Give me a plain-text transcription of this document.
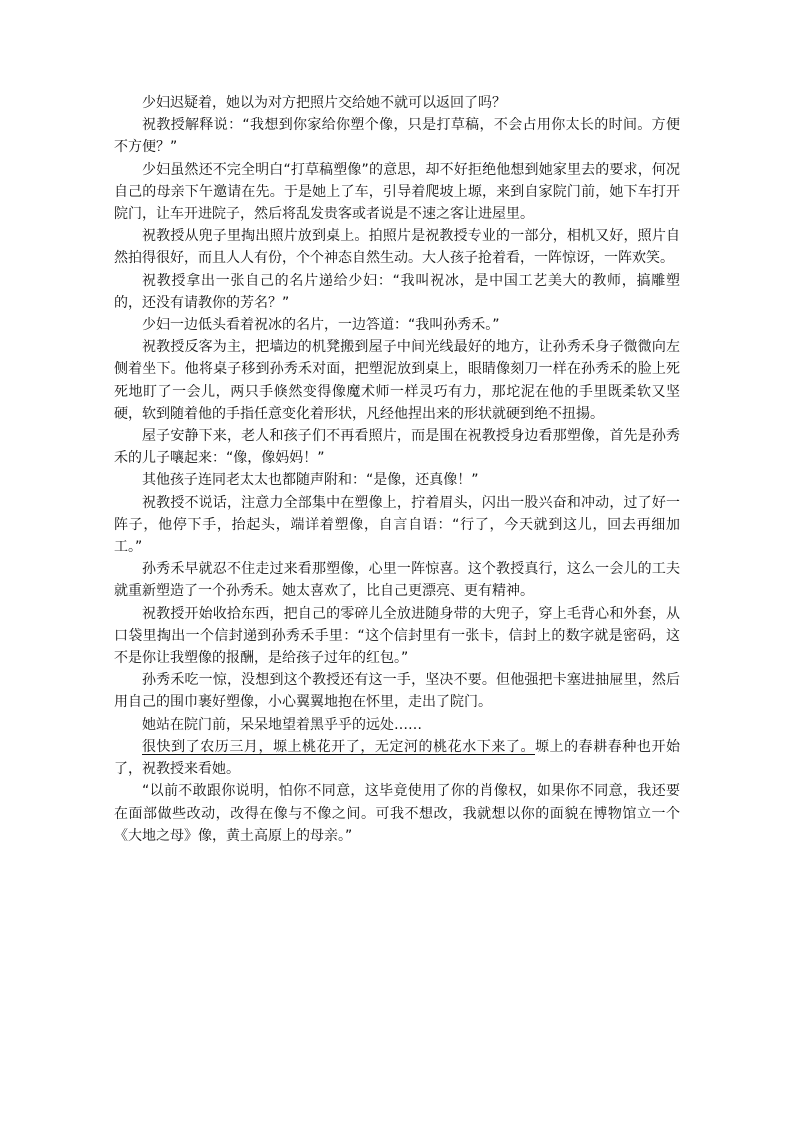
少妇迟疑着，她以为对方把照片交给她不就可以返回了吗？

祝教授解释说：“我想到你家给你塑个像，只是打草稿，不会占用你太长的时间。方便不方便？”

少妇虽然还不完全明白“打草稿塑像”的意思，却不好拒绝他想到她家里去的要求，何况自己的母亲下午邀请在先。于是她上了车，引导着爬坡上塬，来到自家院门前，她下车打开院门，让车开进院子，然后将乱发贵客或者说是不速之客让进屋里。

祝教授从兜子里掏出照片放到桌上。拍照片是祝教授专业的一部分，相机又好，照片自然拍得很好，而且人人有份，个个神态自然生动。大人孩子抢着看，一阵惊讶，一阵欢笑。

祝教授拿出一张自己的名片递给少妇：“我叫祝冰，是中国工艺美大的教师，搞雕塑的，还没有请教你的芳名？”

少妇一边低头看着祝冰的名片，一边答道：“我叫孙秀禾。”

祝教授反客为主，把墙边的机凳搬到屋子中间光线最好的地方，让孙秀禾身子微微向左侧着坐下。他将桌子移到孙秀禾对面，把塑泥放到桌上，眼睛像刻刀一样在孙秀禾的脸上死死地盯了一会儿，两只手倏然变得像魔术师一样灵巧有力，那坨泥在他的手里既柔软又坚硬，软到随着他的手指任意变化着形状，凡经他捏出来的形状就硬到绝不扭揚。

屋子安静下来，老人和孩子们不再看照片，而是围在祝教授身边看那塑像，首先是孙秀禾的儿子嚷起来：“像，像妈妈！”

其他孩子连同老太太也都随声附和：“是像，还真像！”

祝教授不说话，注意力全部集中在塑像上，拧着眉头，闪出一股兴奋和冲动，过了好一阵子，他停下手，抬起头，端详着塑像，自言自语：“行了，今天就到这儿，回去再细加工。”

孙秀禾早就忍不住走过来看那塑像，心里一阵惊喜。这个教授真行，这么一会儿的工夫就重新塑造了一个孙秀禾。她太喜欢了，比自己更漂亮、更有精神。

祝教授开始收拾东西，把自己的零碎儿全放进随身带的大兜子，穿上毛背心和外套，从口袋里掏出一个信封递到孙秀禾手里：“这个信封里有一张卡，信封上的数字就是密码，这不是你让我塑像的报酬，是给孩子过年的红包。”

孙秀禾吃一惊，没想到这个教授还有这一手，坚决不要。但他强把卡塞进抽屉里，然后用自己的围巾裹好塑像，小心翼翼地抱在怀里，走出了院门。

她站在院门前，呆呆地望着黑乎乎的远处……

很快到了农历三月，塬上桃花开了，无定河的桃花水下来了。塬上的春耕春种也开始了，祝教授来看她。

“以前不敢跟你说明，怕你不同意，这毕竟使用了你的肖像权，如果你不同意，我还要在面部做些改动，改得在像与不像之间。可我不想改，我就想以你的面貌在博物馆立一个《大地之母》像，黄土高原上的母亲。”
